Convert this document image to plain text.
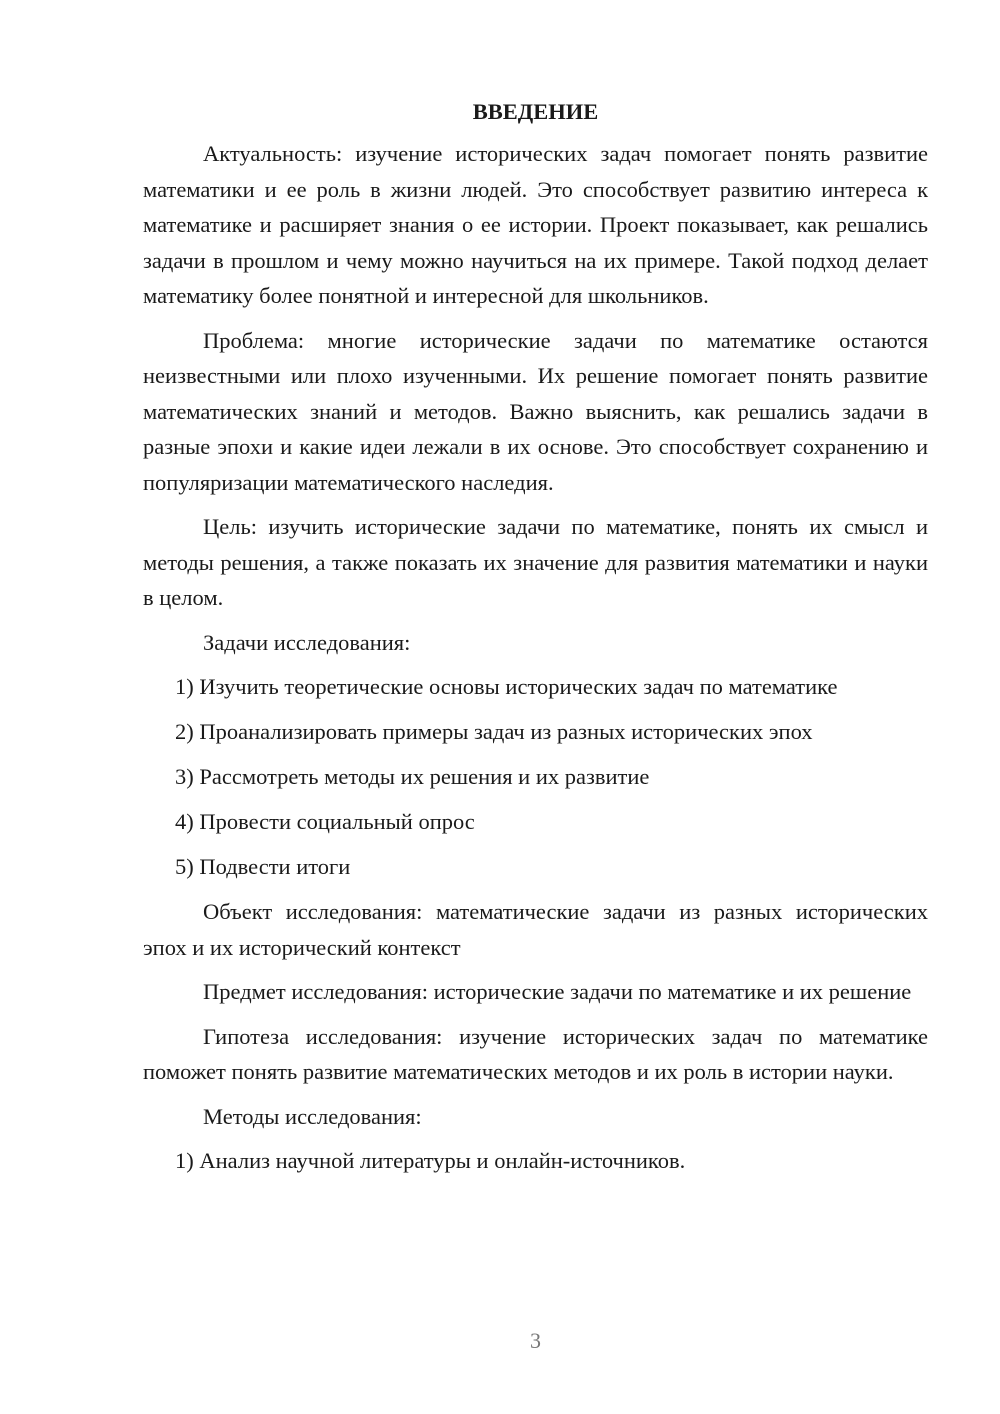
ВВЕДЕНИЕ

Актуальность: изучение исторических задач помогает понять развитие математики и ее роль в жизни людей. Это способствует развитию интереса к математике и расширяет знания о ее истории. Проект показывает, как решались задачи в прошлом и чему можно научиться на их примере. Такой подход делает математику более понятной и интересной для школьников.

Проблема: многие исторические задачи по математике остаются неизвестными или плохо изученными. Их решение помогает понять развитие математических знаний и методов. Важно выяснить, как решались задачи в разные эпохи и какие идеи лежали в их основе. Это способствует сохранению и популяризации математического наследия.

Цель: изучить исторические задачи по математике, понять их смысл и методы решения, а также показать их значение для развития математики и науки в целом.

Задачи исследования:

1) Изучить теоретические основы исторических задач по математике
2) Проанализировать примеры задач из разных исторических эпох
3) Рассмотреть методы их решения и их развитие
4) Провести социальный опрос
5) Подвести итоги

Объект исследования: математические задачи из разных исторических эпох и их исторический контекст

Предмет исследования: исторические задачи по математике и их решение

Гипотеза исследования: изучение исторических задач по математике поможет понять развитие математических методов и их роль в истории науки.

Методы исследования:

1) Анализ научной литературы и онлайн-источников.
3
